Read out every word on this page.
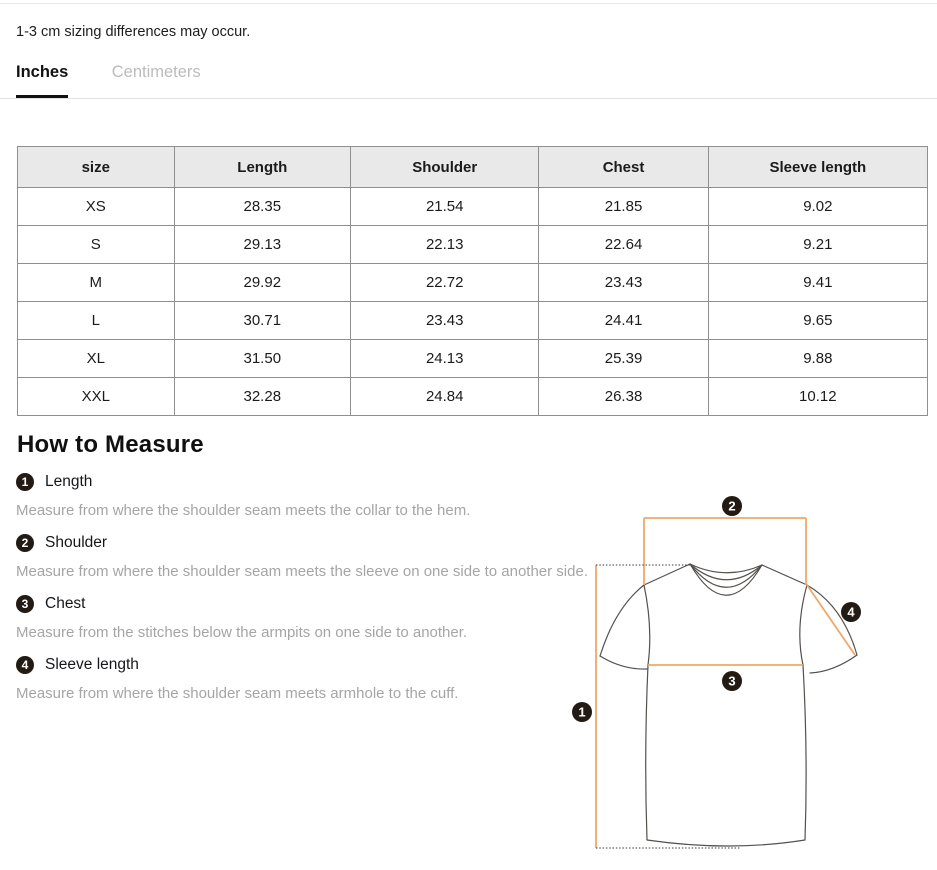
1-3 cm sizing differences may occur.
Inches	Centimeters
size	Length	Shoulder	Chest	Sleeve length
XS	28.35	21.54	21.85	9.02
S	29.13	22.13	22.64	9.21
M	29.92	22.72	23.43	9.41
L	30.71	23.43	24.41	9.65
XL	31.50	24.13	25.39	9.88
XXL	32.28	24.84	26.38	10.12
How to Measure
1	Length
Measure from where the shoulder seam meets the collar to the hem.
2	Shoulder
Measure from where the shoulder seam meets the sleeve on one side to another side.
3	Chest
Measure from the stitches below the armpits on one side to another.
4	Sleeve length
Measure from where the shoulder seam meets armhole to the cuff.
1
2
3
4
